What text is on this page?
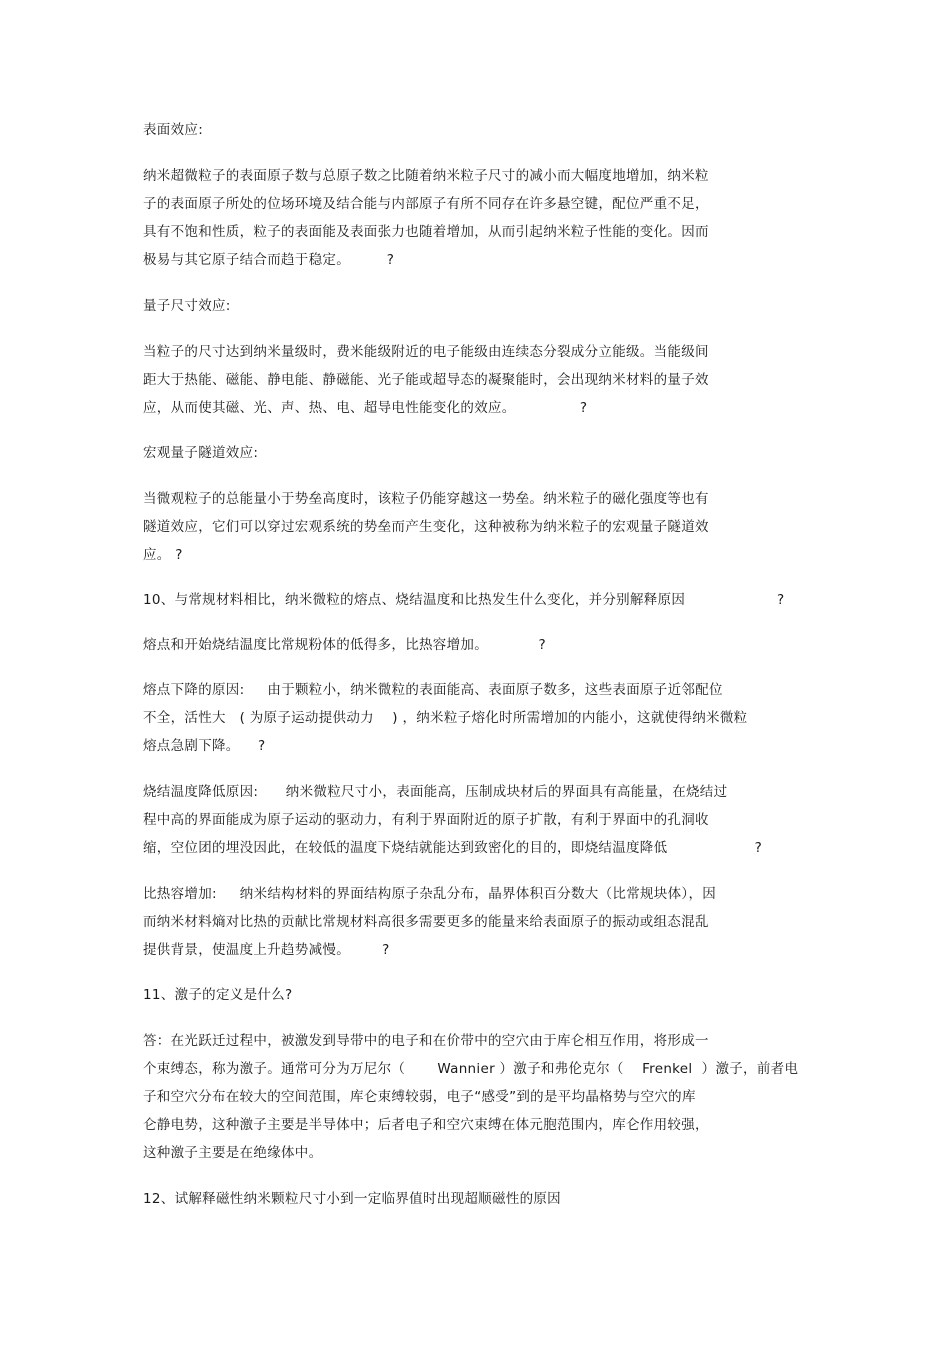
表面效应:
纳米超微粒子的表面原子数与总原子数之比随着纳米粒子尺寸的减小而大幅度地增加，纳米粒
子的表面原子所处的位场环境及结合能与内部原子有所不同存在许多悬空键，配位严重不足，
具有不饱和性质，粒子的表面能及表面张力也随着增加，从而引起纳米粒子性能的变化。因而
极易与其它原子结合而趋于稳定。        ?
量子尺寸效应:
当粒子的尺寸达到纳米量级时，费米能级附近的电子能级由连续态分裂成分立能级。当能级间
距大于热能、磁能、静电能、静磁能、光子能或超导态的凝聚能时，会出现纳米材料的量子效
应，从而使其磁、光、声、热、电、超导电性能变化的效应。              ?
宏观量子隧道效应:
当微观粒子的总能量小于势垒高度时，该粒子仍能穿越这一势垒。纳米粒子的磁化强度等也有
隧道效应，它们可以穿过宏观系统的势垒而产生变化，这种被称为纳米粒子的宏观量子隧道效
应。 ?
10、与常规材料相比，纳米微粒的熔点、烧结温度和比热发生什么变化，并分别解释原因                    ?
熔点和开始烧结温度比常规粉体的低得多，比热容增加。           ?
熔点下降的原因:     由于颗粒小，纳米微粒的表面能高、表面原子数多，这些表面原子近邻配位
不全，活性大   ( 为原子运动提供动力    ) ，纳米粒子熔化时所需增加的内能小，这就使得纳米微粒
熔点急剧下降。    ?
烧结温度降低原因:      纳米微粒尺寸小，表面能高，压制成块材后的界面具有高能量，在烧结过
程中高的界面能成为原子运动的驱动力，有利于界面附近的原子扩散，有利于界面中的孔洞收
缩，空位团的埋没因此，在较低的温度下烧结就能达到致密化的目的，即烧结温度降低                   ?
比热容增加:     纳米结构材料的界面结构原子杂乱分布，晶界体积百分数大（比常规块体），因
而纳米材料熵对比热的贡献比常规材料高很多需要更多的能量来给表面原子的振动或组态混乱
提供背景，使温度上升趋势减慢。       ?
11、激子的定义是什么?
答：在光跃迁过程中，被激发到导带中的电子和在价带中的空穴由于库仑相互作用，将形成一
个束缚态，称为激子。通常可分为万尼尔（       Wannier ）激子和弗伦克尔（    Frenkel  ）激子，前者电
子和空穴分布在较大的空间范围，库仑束缚较弱，电子“感受”到的是平均晶格势与空穴的库
仑静电势，这种激子主要是半导体中；后者电子和空穴束缚在体元胞范围内，库仑作用较强，
这种激子主要是在绝缘体中。
12、试解释磁性纳米颗粒尺寸小到一定临界值时出现超顺磁性的原因
